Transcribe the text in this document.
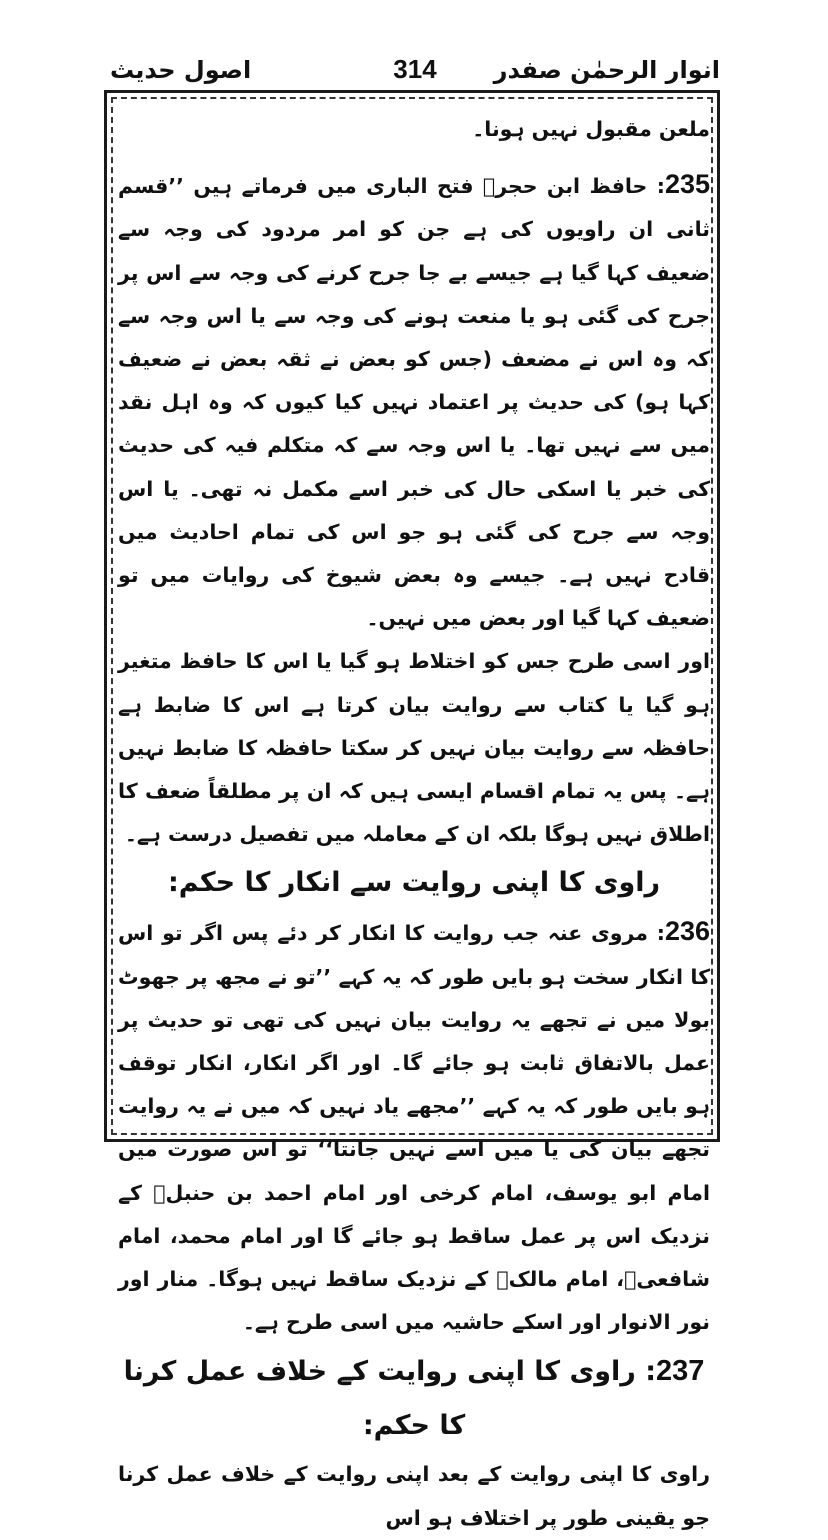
انوار الرحمٰن صفدر
314
اصول حدیث

ملعن مقبول نہیں ہونا۔

235: حافظ ابن حجرؒ فتح الباری میں فرماتے ہیں ’’قسم ثانی ان راویوں کی ہے جن کو امر مردود کی وجہ سے ضعیف کہا گیا ہے جیسے بے جا جرح کرنے کی وجہ سے اس پر جرح کی گئی ہو یا منعت ہونے کی وجہ سے یا اس وجہ سے کہ وہ اس نے مضعف (جس کو بعض نے ثقہ بعض نے ضعیف کہا ہو) کی حدیث پر اعتماد نہیں کیا کیوں کہ وہ اہل نقد میں سے نہیں تھا۔ یا اس وجہ سے کہ متکلم فیہ کی حدیث کی خبر یا اسکی حال کی خبر اسے مکمل نہ تھی۔ یا اس وجہ سے جرح کی گئی ہو جو اس کی تمام احادیث میں قادح نہیں ہے۔ جیسے وہ بعض شیوخ کی روایات میں تو ضعیف کہا گیا اور بعض میں نہیں۔

اور اسی طرح جس کو اختلاط ہو گیا یا اس کا حافظ متغیر ہو گیا یا کتاب سے روایت بیان کرتا ہے اس کا ضابط ہے حافظہ سے روایت بیان نہیں کر سکتا حافظہ کا ضابط نہیں ہے۔ پس یہ تمام اقسام ایسی ہیں کہ ان پر مطلقاً ضعف کا اطلاق نہیں ہوگا بلکہ ان کے معاملہ میں تفصیل درست ہے۔

راوی کا اپنی روایت سے انکار کا حکم:

236: مروی عنہ جب روایت کا انکار کر دئے پس اگر تو اس کا انکار سخت ہو بایں طور کہ یہ کہے ’’تو نے مجھ پر جھوٹ بولا میں نے تجھے یہ روایت بیان نہیں کی تھی تو حدیث پر عمل بالاتفاق ثابت ہو جائے گا۔ اور اگر انکار، انکار توقف ہو بایں طور کہ یہ کہے ’’مجھے یاد نہیں کہ میں نے یہ روایت تجھے بیان کی یا میں اسے نہیں جانتا‘‘ تو اس صورت میں امام ابو یوسف، امام کرخی اور امام احمد بن حنبلؒ کے نزدیک اس پر عمل ساقط ہو جائے گا اور امام محمد، امام شافعیؒ، امام مالکؒ کے نزدیک ساقط نہیں ہوگا۔ منار اور نور الانوار اور اسکے حاشیہ میں اسی طرح ہے۔

237: راوی کا اپنی روایت کے خلاف عمل کرنا کا حکم:

راوی کا اپنی روایت کے بعد اپنی روایت کے خلاف عمل کرنا جو یقینی طور پر اختلاف ہو اس
